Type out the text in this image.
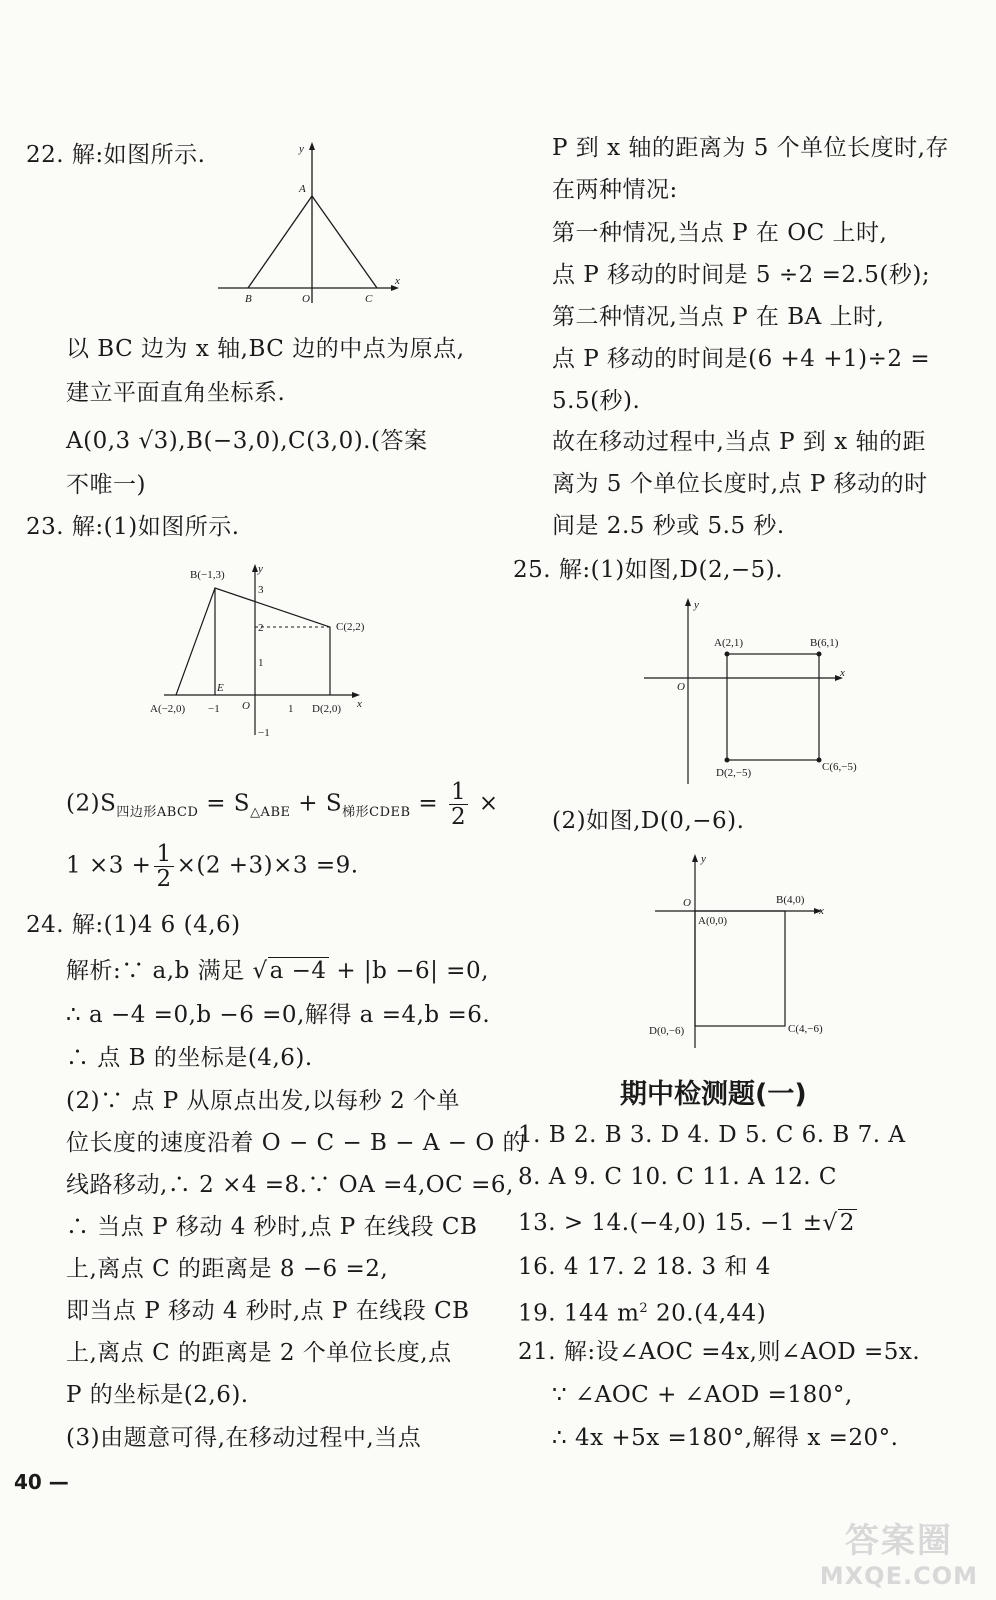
22. 解:如图所示.	y
x
A
B	O	C
以 BC 边为 x 轴,BC 边的中点为原点,
建立平面直角坐标系.
A(0,3 √3),B(−3,0),C(3,0).(答案
不唯一)
23. 解:(1)如图所示.
B(−1,3)
C(2,2)
A(−2,0)	D(2,0)
E
O	x
y
3
2
1
−1
−1	1
$(2)S_{四边形ABCD} = S_{\triangle ABE} + S_{梯形CDEB} = \frac{1}{2}$ ×
$1 \times 3 + \frac{1}{2} \times(2 +3)\times 3 =9$.
24. 解:(1)4 6 (4,6)
解析:∵ a,b 满足 √a −4 + |b −6| =0,
∴ a −4 =0,b −6 =0,解得 a =4,b =6.
∴ 点 B 的坐标是(4,6).
(2)∵ 点 P 从原点出发,以每秒 2 个单
位长度的速度沿着 O − C − B − A − O 的
线路移动,∴ 2 ×4 =8.∵ OA =4,OC =6,
∴ 当点 P 移动 4 秒时,点 P 在线段 CB
上,离点 C 的距离是 8 −6 =2,
即当点 P 移动 4 秒时,点 P 在线段 CB
上,离点 C 的距离是 2 个单位长度,点
P 的坐标是(2,6).
(3)由题意可得,在移动过程中,当点
40 —
P 到 x 轴的距离为 5 个单位长度时,存
在两种情况:
第一种情况,当点 P 在 OC 上时,
点 P 移动的时间是 5 ÷2 =2.5(秒);
第二种情况,当点 P 在 BA 上时,
点 P 移动的时间是(6 +4 +1)÷2 =
5.5(秒).
故在移动过程中,当点 P 到 x 轴的距
离为 5 个单位长度时,点 P 移动的时
间是 2.5 秒或 5.5 秒.
25. 解:(1)如图,D(2,−5).
A(2,1)	B(6,1)
C(6,−5)
D(2,−5)
O
x
y
(2)如图,D(0,−6).
O
A(0,0)
B(4,0)
C(4,−6)
D(0,−6)
x
y
期中检测题(一)
1. B 2. B 3. D 4. D 5. C 6. B 7. A
8. A 9. C 10. C 11. A 12. C
13. > 14.(−4,0) 15. −1 ±√2
16. 4 17. 2 18. 3 和 4
19. 144 $m^2$ 20.(4,44)
21. 解:设∠AOC =4x,则∠AOD =5x.
∵ ∠AOC + ∠AOD =180°,
∴ 4x +5x =180°,解得 x =20°.
答案圈
MXQE.COM
